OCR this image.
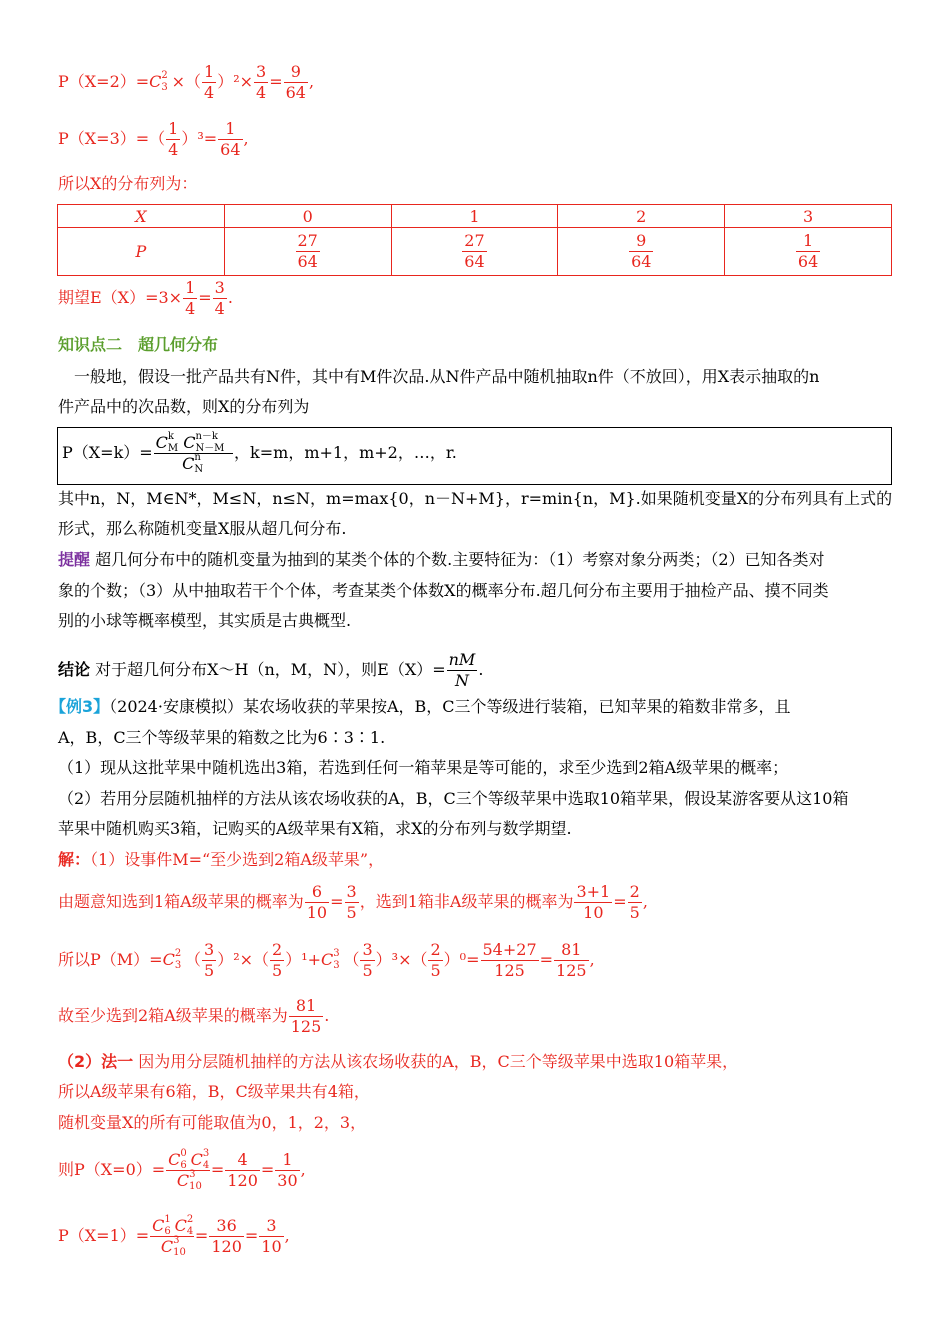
P（X=2）=C 2
3 ×（ $\frac{1}{4} )^2\times \frac{3}{4} = \frac{9}{64}$ ,
$P(X=3)=( \frac{1}{4} )^3= \frac{1}{64}$ ,
所以X的分布列为：
X	0	1	2	3
P	$\frac{27}{64}$	$\frac{27}{64}$	$\frac{9}{64}$	$\frac{1}{64}$
期望$E(X)=3\times \frac{1}{4} = \frac{3}{4}$ .
知识点二　超几何分布
一般地，假设一批产品共有N件，其中有M件次品.从N件产品中随机抽取n件（不放回），用X表示抽取的n
件产品中的次品数，则X的分布列为
P（X=k）= C k
M C n－k
N－M

C n
N
，k=m，m+1，m+2，…，r.
其中n，N，M∈N*，M≤N，n≤N，m=max{0，n－N+M}，r=min{n，M}.如果随机变量X的分布列具有上式的
形式，那么称随机变量X服从超几何分布.
提醒 超几何分布中的随机变量为抽到的某类个体的个数.主要特征为：（1）考察对象分两类；（2）已知各类对
象的个数；（3）从中抽取若干个个体，考查某类个体数X的概率分布.超几何分布主要用于抽检产品、摸不同类
别的小球等概率模型，其实质是古典概型.
结论 对于超几何分布X～H（n，M，N），则$E(X)= \frac{nM}{N}$ .
【例3】（2024·安康模拟）某农场收获的苹果按A，B，C三个等级进行装箱，已知苹果的箱数非常多，且
A，B，C三个等级苹果的箱数之比为6∶3∶1.
（1）现从这批苹果中随机选出3箱，若选到任何一箱苹果是等可能的，求至少选到2箱A级苹果的概率；
（2）若用分层随机抽样的方法从该农场收获的A，B，C三个等级苹果中选取10箱苹果，假设某游客要从这10箱
苹果中随机购买3箱，记购买的A级苹果有X箱，求X的分布列与数学期望.
解：（1）设事件M=“至少选到2箱A级苹果”，
由题意知选到1箱A级苹果的概率为 $\frac{6}{10} = \frac{3}{5}$ ，选到1箱非A级苹果的概率为 $\frac{3+1}{10} = \frac{2}{5}$ ,
所以P（M）=C 2
3 （ $\frac{3}{5} )^2\times( \frac{2}{5} )^1+C$ 3
3 （ $\frac{3}{5} )^3\times( \frac{2}{5} )^0= \frac{54+27}{125} = \frac{81}{125}$ ,
故至少选到2箱A级苹果的概率为 $\frac{81}{125}$ .
（2）法一 因为用分层随机抽样的方法从该农场收获的A，B，C三个等级苹果中选取10箱苹果，
所以A级苹果有6箱，B，C级苹果共有4箱，
随机变量X的所有可能取值为0，1，2，3，
则P（X=0）= C 0
6 C 3
4

C 3
10
= $\frac{4}{120} = \frac{1}{30}$ ,
P（X=1）= C 1
6 C 2
4

C 3
10
= $\frac{36}{120} = \frac{3}{10}$ ,
